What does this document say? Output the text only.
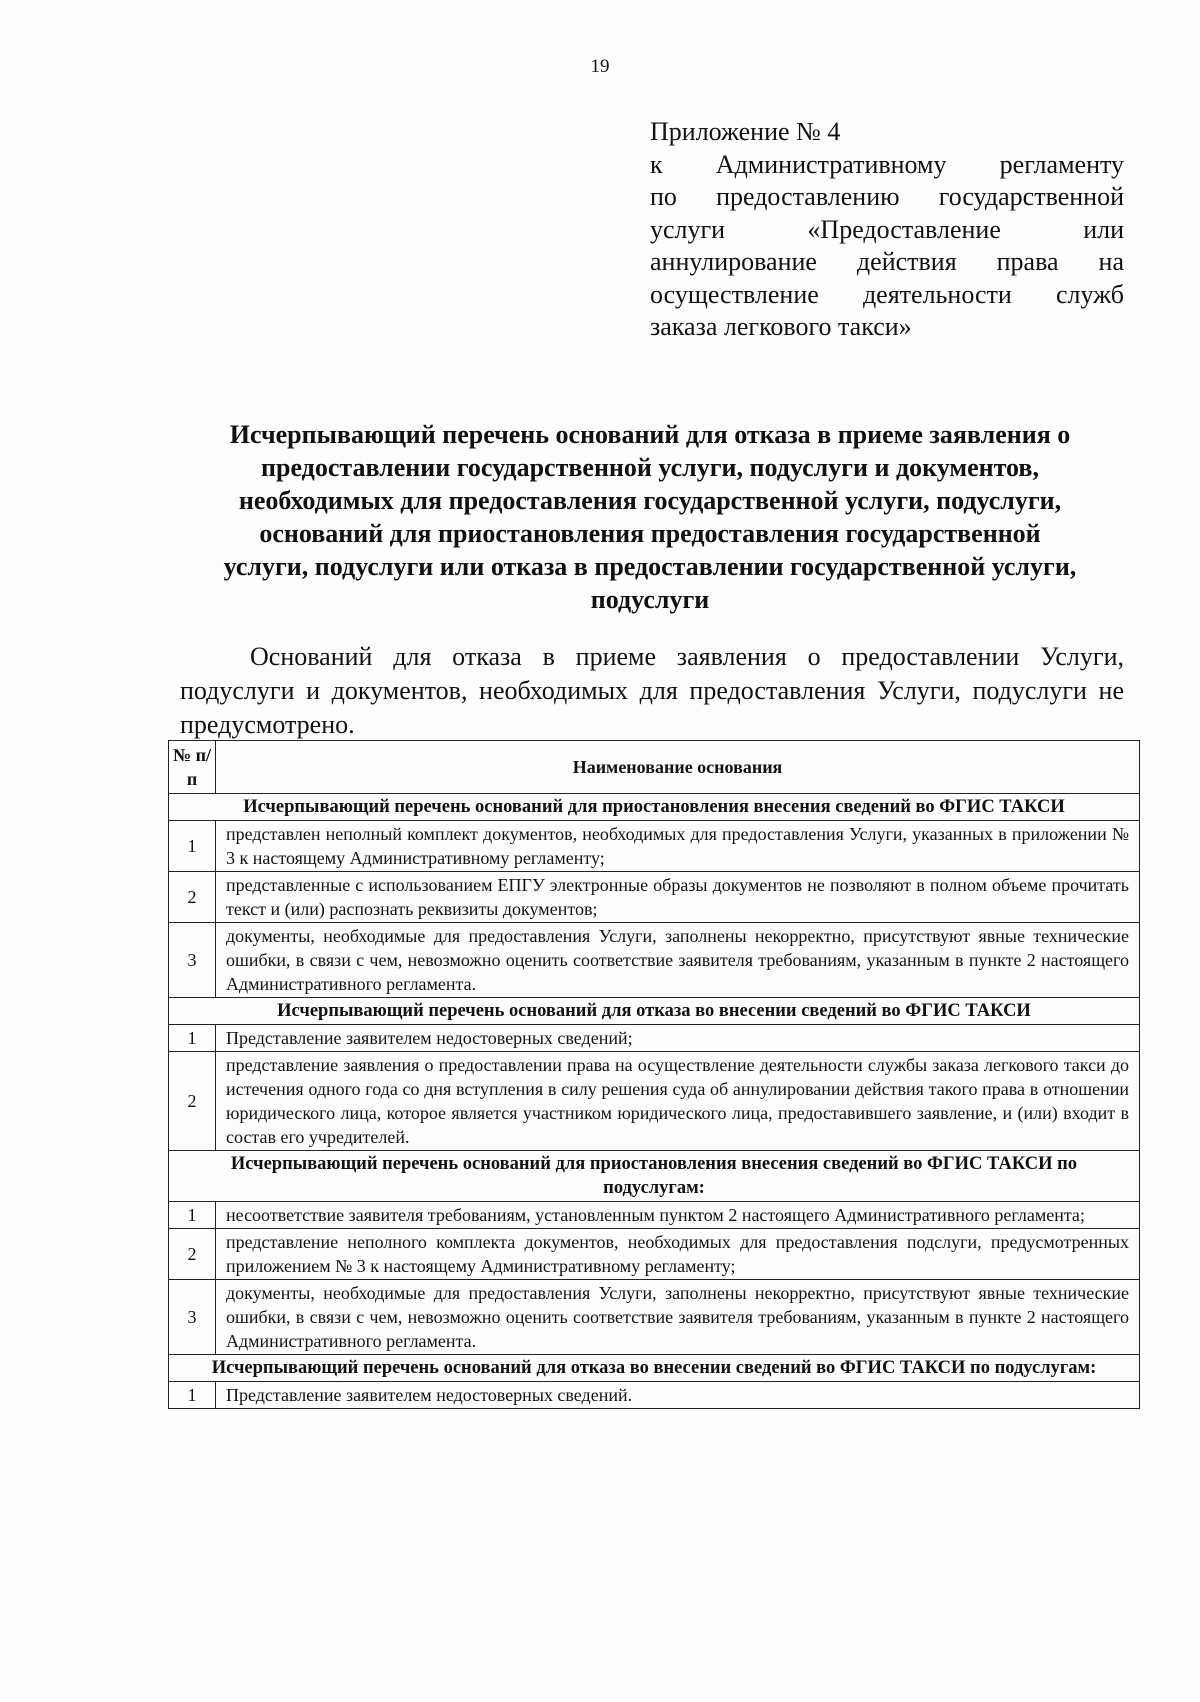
19
Приложение № 4
к Административному регламенту
по предоставлению государственной
услуги «Предоставление или
аннулирование действия права на
осуществление деятельности служб
заказа легкового такси»
Исчерпывающий перечень оснований для отказа в приеме заявления о
предоставлении государственной услуги, подуслуги и документов,
необходимых для предоставления государственной услуги, подуслуги,
оснований для приостановления предоставления государственной
услуги, подуслуги или отказа в предоставлении государственной услуги,
подуслуги
Оснований для отказа в приеме заявления о предоставлении Услуги, подуслуги и документов, необходимых для предоставления Услуги, подуслуги не предусмотрено.
№ п/п	Наименование основания
Исчерпывающий перечень оснований для приостановления внесения сведений во ФГИС ТАКСИ	
1	представлен неполный комплект документов, необходимых для предоставления Услуги, указанных в приложении № 3 к настоящему Административному регламенту;
2	представленные с использованием ЕПГУ электронные образы документов не позволяют в полном объеме прочитать текст и (или) распознать реквизиты документов;
3	документы, необходимые для предоставления Услуги, заполнены некорректно, присутствуют явные технические ошибки, в связи с чем, невозможно оценить соответствие заявителя требованиям, указанным в пункте 2 настоящего Административного регламента.
Исчерпывающий перечень оснований для отказа во внесении сведений во ФГИС ТАКСИ	
1	Представление заявителем недостоверных сведений;
2	представление заявления о предоставлении права на осуществление деятельности службы заказа легкового такси до истечения одного года со дня вступления в силу решения суда об аннулировании действия такого права в отношении юридического лица, которое является участником юридического лица, предоставившего заявление, и (или) входит в состав его учредителей.
Исчерпывающий перечень оснований для приостановления внесения сведений во ФГИС ТАКСИ по подуслугам:	
1	несоответствие заявителя требованиям, установленным пунктом 2 настоящего Административного регламента;
2	представление неполного комплекта документов, необходимых для предоставления подслуги, предусмотренных приложением № 3 к настоящему Административному регламенту;
3	документы, необходимые для предоставления Услуги, заполнены некорректно, присутствуют явные технические ошибки, в связи с чем, невозможно оценить соответствие заявителя требованиям, указанным в пункте 2 настоящего Административного регламента.
Исчерпывающий перечень оснований для отказа во внесении сведений во ФГИС ТАКСИ по подуслугам:	
1	Представление заявителем недостоверных сведений.
